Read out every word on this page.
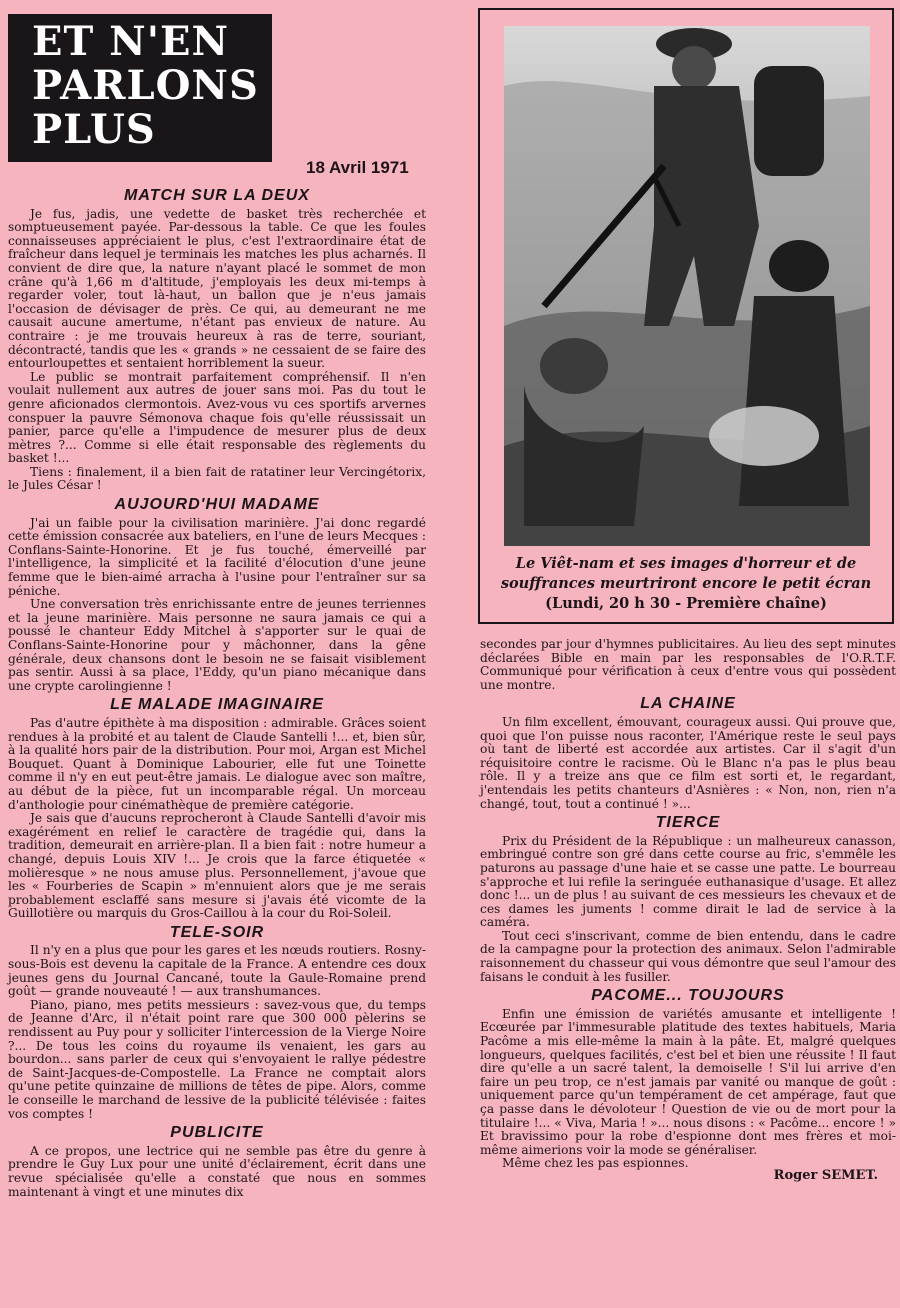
ET N'EN
PARLONS
PLUS
18 Avril 1971
MATCH SUR LA DEUX

Je fus, jadis, une vedette de basket très recherchée et somptueusement payée. Par-dessous la table. Ce que les foules connaisseuses appréciaient le plus, c'est l'extraordinaire état de fraîcheur dans lequel je terminais les matches les plus acharnés. Il convient de dire que, la nature n'ayant placé le sommet de mon crâne qu'à 1,66 m d'altitude, j'employais les deux mi-temps à regarder voler, tout là-haut, un ballon que je n'eus jamais l'occasion de dévisager de près. Ce qui, au demeurant ne me causait aucune amertume, n'étant pas envieux de nature. Au contraire : je me trouvais heureux à ras de terre, souriant, décontracté, tandis que les « grands » ne cessaient de se faire des entourloupettes et sentaient horriblement la sueur.

Le public se montrait parfaitement compréhensif. Il n'en voulait nullement aux autres de jouer sans moi. Pas du tout le genre aficionados clermontois. Avez-vous vu ces sportifs arvernes conspuer la pauvre Sémonova chaque fois qu'elle réussissait un panier, parce qu'elle a l'impudence de mesurer plus de deux mètres ?... Comme si elle était responsable des règlements du basket !...

Tiens : finalement, il a bien fait de ratatiner leur Vercingétorix, le Jules César !

AUJOURD'HUI MADAME

J'ai un faible pour la civilisation marinière. J'ai donc regardé cette émission consacrée aux bateliers, en l'une de leurs Mecques : Conflans-Sainte-Honorine. Et je fus touché, émerveillé par l'intelligence, la simplicité et la facilité d'élocution d'une jeune femme que le bien-aimé arracha à l'usine pour l'entraîner sur sa péniche.

Une conversation très enrichissante entre de jeunes terriennes et la jeune marinière. Mais personne ne saura jamais ce qui a poussé le chanteur Eddy Mitchel à s'apporter sur le quai de Conflans-Sainte-Honorine pour y mâchonner, dans la gêne générale, deux chansons dont le besoin ne se faisait visiblement pas sentir. Aussi à sa place, l'Eddy, qu'un piano mécanique dans une crypte carolingienne !

LE MALADE IMAGINAIRE

Pas d'autre épithète à ma disposition : admirable. Grâces soient rendues à la probité et au talent de Claude Santelli !... et, bien sûr, à la qualité hors pair de la distribution. Pour moi, Argan est Michel Bouquet. Quant à Dominique Labourier, elle fut une Toinette comme il n'y en eut peut-être jamais. Le dialogue avec son maître, au début de la pièce, fut un incomparable régal. Un morceau d'anthologie pour cinémathèque de première catégorie.

Je sais que d'aucuns reprocheront à Claude Santelli d'avoir mis exagérément en relief le caractère de tragédie qui, dans la tradition, demeurait en arrière-plan. Il a bien fait : notre humeur a changé, depuis Louis XIV !... Je crois que la farce étiquetée « molièresque » ne nous amuse plus. Personnellement, j'avoue que les « Fourberies de Scapin » m'ennuient alors que je me serais probablement esclaffé sans mesure si j'avais été vicomte de la Guillotière ou marquis du Gros-Caillou à la cour du Roi-Soleil.

TELE-SOIR

Il n'y en a plus que pour les gares et les nœuds routiers. Rosny-sous-Bois est devenu la capitale de la France. A entendre ces doux jeunes gens du Journal Cancané, toute la Gaule-Romaine prend goût — grande nouveauté ! — aux transhumances.

Piano, piano, mes petits messieurs : savez-vous que, du temps de Jeanne d'Arc, il n'était point rare que 300 000 pèlerins se rendissent au Puy pour y solliciter l'intercession de la Vierge Noire ?... De tous les coins du royaume ils venaient, les gars au bourdon... sans parler de ceux qui s'envoyaient le rallye pédestre de Saint-Jacques-de-Compostelle. La France ne comptait alors qu'une petite quinzaine de millions de têtes de pipe. Alors, comme le conseille le marchand de lessive de la publicité télévisée : faites vos comptes !

PUBLICITE

A ce propos, une lectrice qui ne semble pas être du genre à prendre le Guy Lux pour une unité d'éclairement, écrit dans une revue spécialisée qu'elle a constaté que nous en sommes maintenant à vingt et une minutes dix

Le Viêt-nam et ses images d'horreur et de souffrances meurtriront encore le petit écran
(Lundi, 20 h 30 - Première chaîne)

secondes par jour d'hymnes publicitaires. Au lieu des sept minutes déclarées Bible en main par les responsables de l'O.R.T.F. Communiqué pour vérification à ceux d'entre vous qui possèdent une montre.

LA CHAINE

Un film excellent, émouvant, courageux aussi. Qui prouve que, quoi que l'on puisse nous raconter, l'Amérique reste le seul pays où tant de liberté est accordée aux artistes. Car il s'agit d'un réquisitoire contre le racisme. Où le Blanc n'a pas le plus beau rôle. Il y a treize ans que ce film est sorti et, le regardant, j'entendais les petits chanteurs d'Asnières : « Non, non, rien n'a changé, tout, tout a continué ! »...

TIERCE

Prix du Président de la République : un malheureux canasson, embringué contre son gré dans cette course au fric, s'emmêle les paturons au passage d'une haie et se casse une patte. Le bourreau s'approche et lui refile la seringuée euthanasique d'usage. Et allez donc !... un de plus ! au suivant de ces messieurs les chevaux et de ces dames les juments ! comme dirait le lad de service à la caméra.

Tout ceci s'inscrivant, comme de bien entendu, dans le cadre de la campagne pour la protection des animaux. Selon l'admirable raisonnement du chasseur qui vous démontre que seul l'amour des faisans le conduit à les fusiller.

PACOME... TOUJOURS

Enfin une émission de variétés amusante et intelligente ! Ecœurée par l'immesurable platitude des textes habituels, Maria Pacôme a mis elle-même la main à la pâte. Et, malgré quelques longueurs, quelques facilités, c'est bel et bien une réussite ! Il faut dire qu'elle a un sacré talent, la demoiselle ! S'il lui arrive d'en faire un peu trop, ce n'est jamais par vanité ou manque de goût : uniquement parce qu'un tempérament de cet ampérage, faut que ça passe dans le dévoloteur ! Question de vie ou de mort pour la titulaire !... « Viva, Maria ! »... nous disons : « Pacôme... encore ! » Et bravissimo pour la robe d'espionne dont mes frères et moi-même aimerions voir la mode se généraliser.

Même chez les pas espionnes.

Roger SEMET.
